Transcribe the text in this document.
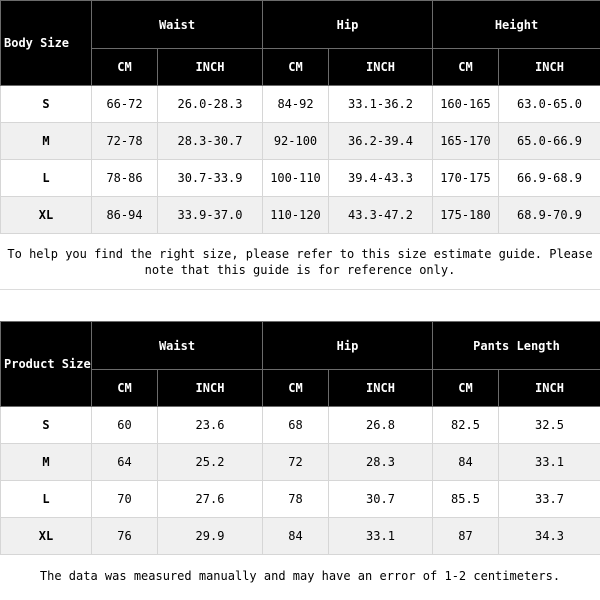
Body Size	Waist		Hip		Height	
	CM	INCH	CM	INCH	CM	INCH
S	66-72	26.0-28.3	84-92	33.1-36.2	160-165	63.0-65.0
M	72-78	28.3-30.7	92-100	36.2-39.4	165-170	65.0-66.9
L	78-86	30.7-33.9	100-110	39.4-43.3	170-175	66.9-68.9
XL	86-94	33.9-37.0	110-120	43.3-47.2	175-180	68.9-70.9
To help you find the right size, please refer to this size estimate guide. Please note that this guide is for reference only.
Product Size	Waist		Hip		Pants Length	
	CM	INCH	CM	INCH	CM	INCH
S	60	23.6	68	26.8	82.5	32.5
M	64	25.2	72	28.3	84	33.1
L	70	27.6	78	30.7	85.5	33.7
XL	76	29.9	84	33.1	87	34.3
The data was measured manually and may have an error of 1-2 centimeters.
